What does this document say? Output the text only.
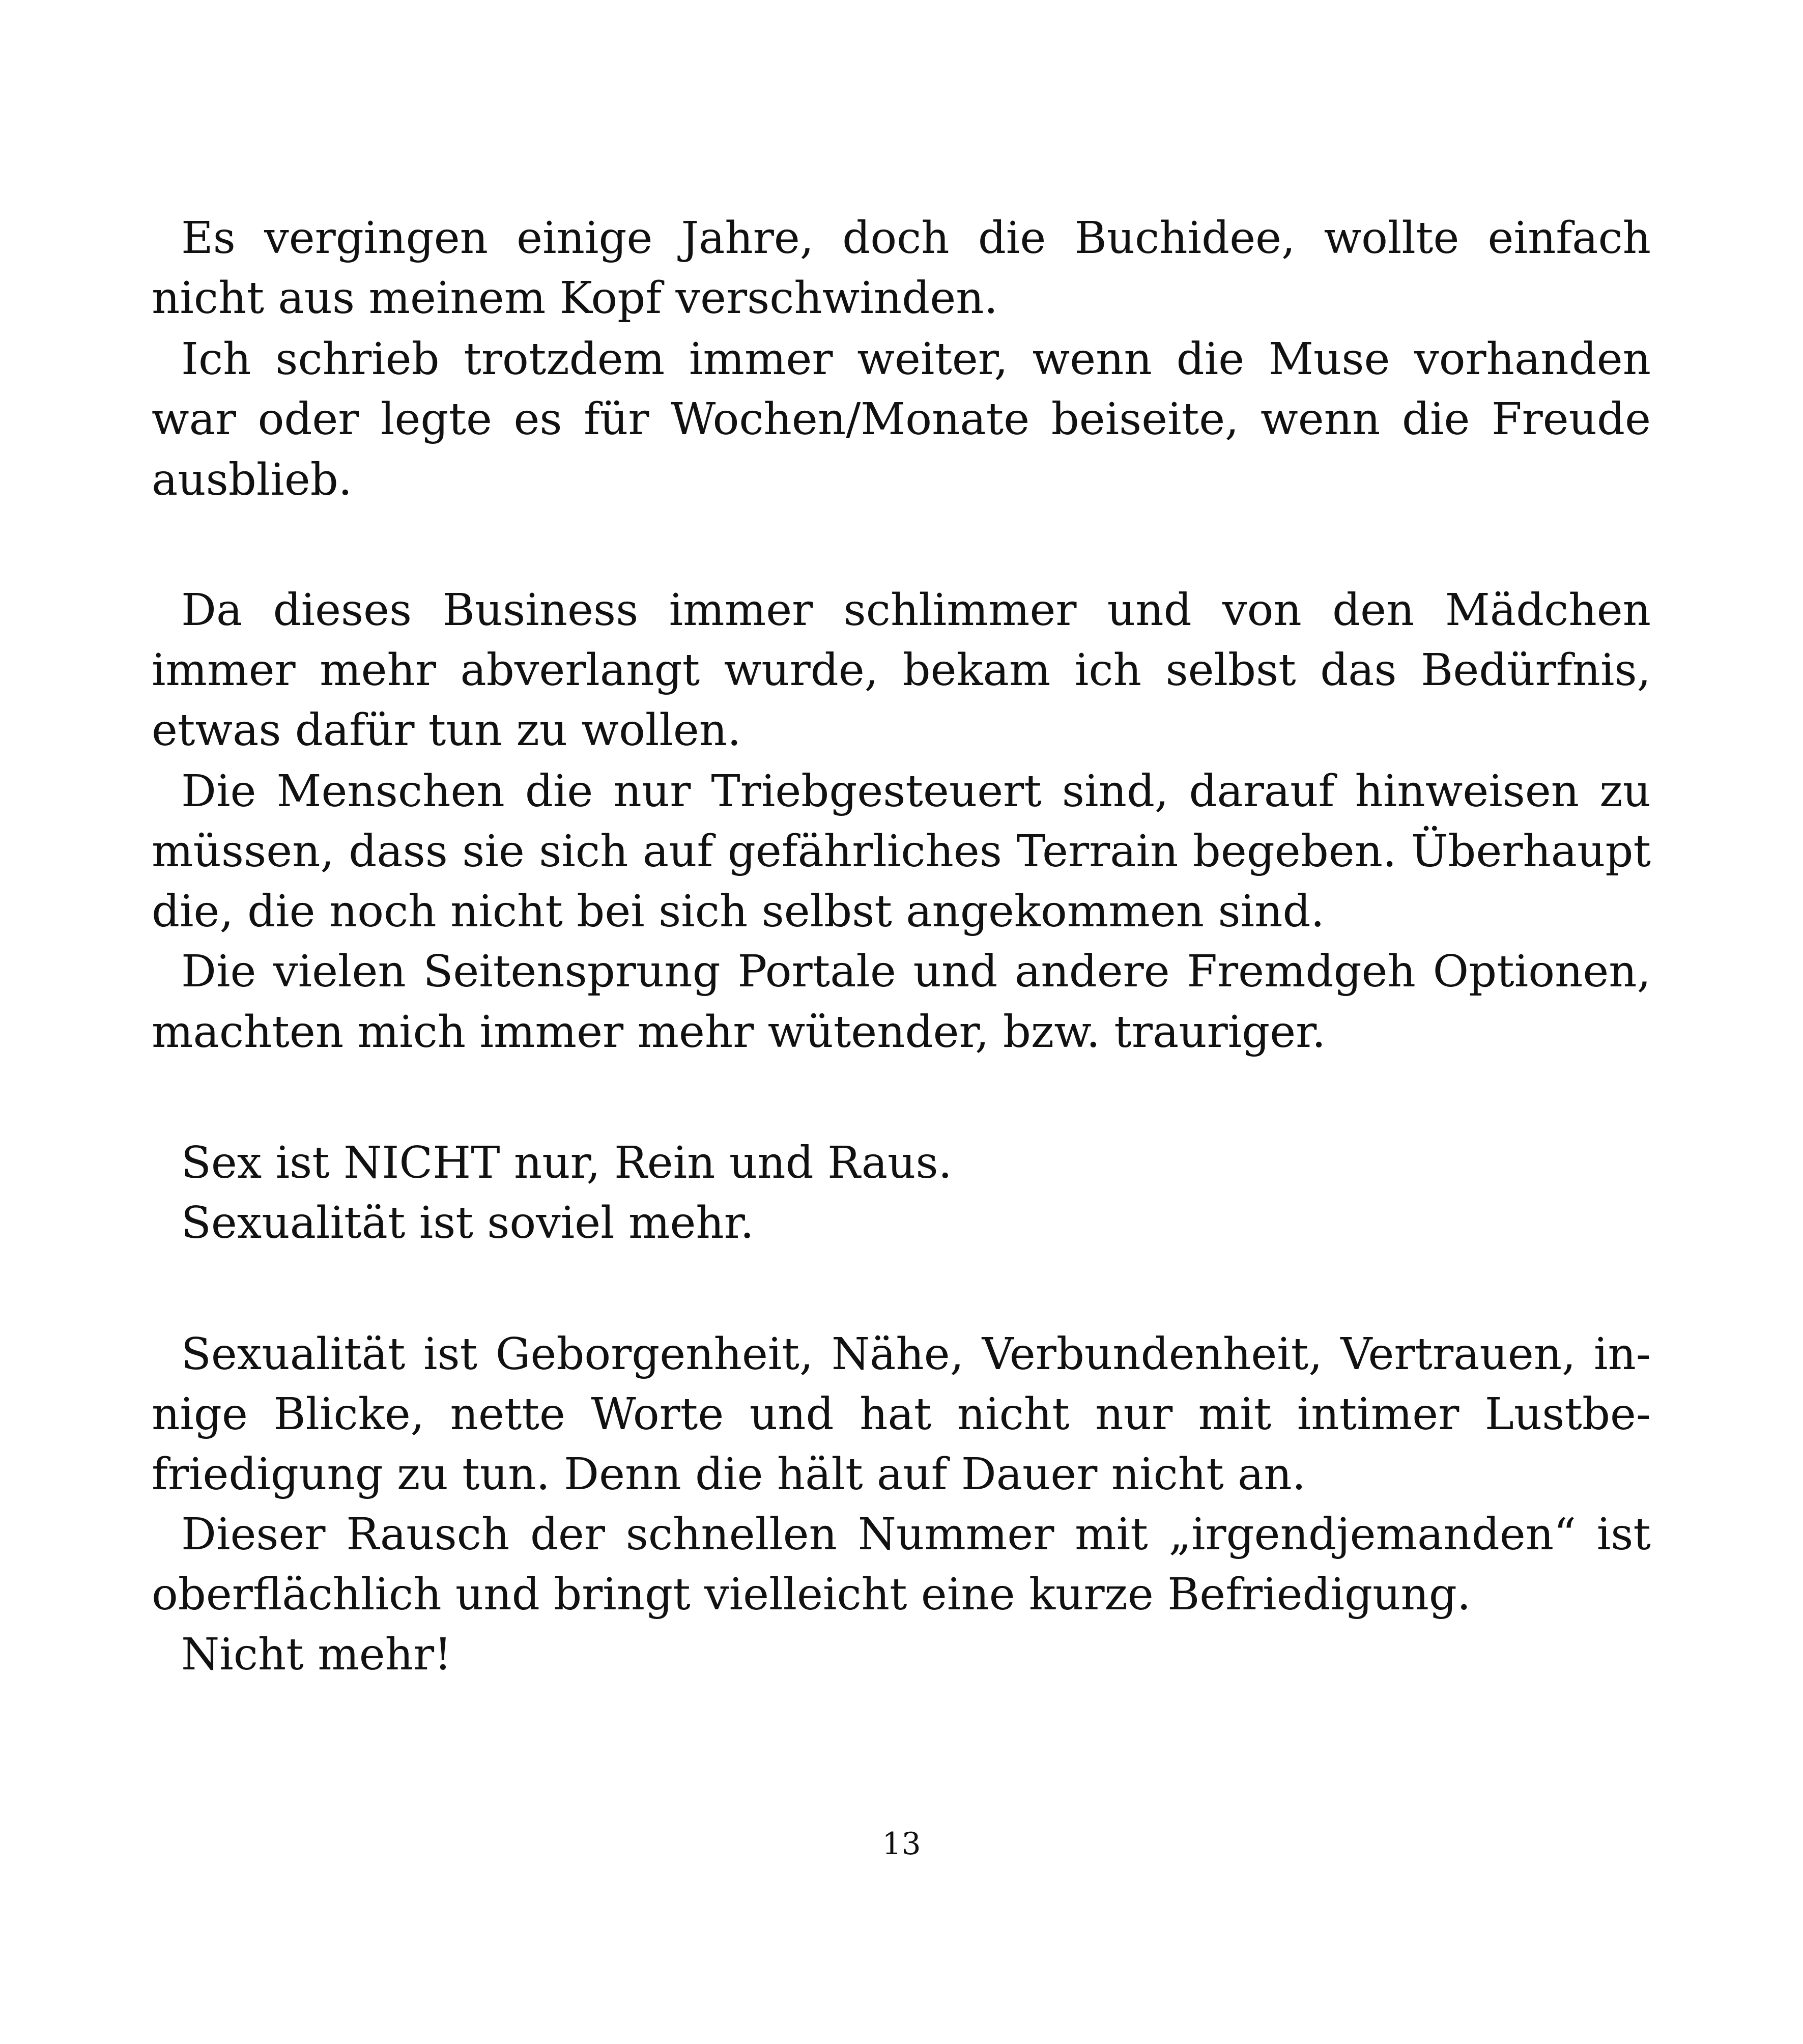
Es vergingen einige Jahre, doch die Buchidee, wollte einfach
nicht aus meinem Kopf verschwinden.
Ich schrieb trotzdem immer weiter, wenn die Muse vorhanden
war oder legte es für Wochen/Monate beiseite, wenn die Freude
ausblieb.
Da dieses Business immer schlimmer und von den Mädchen
immer mehr abverlangt wurde, bekam ich selbst das Bedürfnis,
etwas dafür tun zu wollen.
Die Menschen die nur Triebgesteuert sind, darauf hinweisen zu
müssen, dass sie sich auf gefährliches Terrain begeben. Überhaupt
die, die noch nicht bei sich selbst angekommen sind.
Die vielen Seitensprung Portale und andere Fremdgeh Optionen,
machten mich immer mehr wütender, bzw. trauriger.
Sex ist NICHT nur, Rein und Raus.
Sexualität ist soviel mehr.
Sexualität ist Geborgenheit, Nähe, Verbundenheit, Vertrauen, in-
nige Blicke, nette Worte und hat nicht nur mit intimer Lustbe-
friedigung zu tun. Denn die hält auf Dauer nicht an.
Dieser Rausch der schnellen Nummer mit „irgendjemanden“ ist
oberflächlich und bringt vielleicht eine kurze Befriedigung.
Nicht mehr!
13
